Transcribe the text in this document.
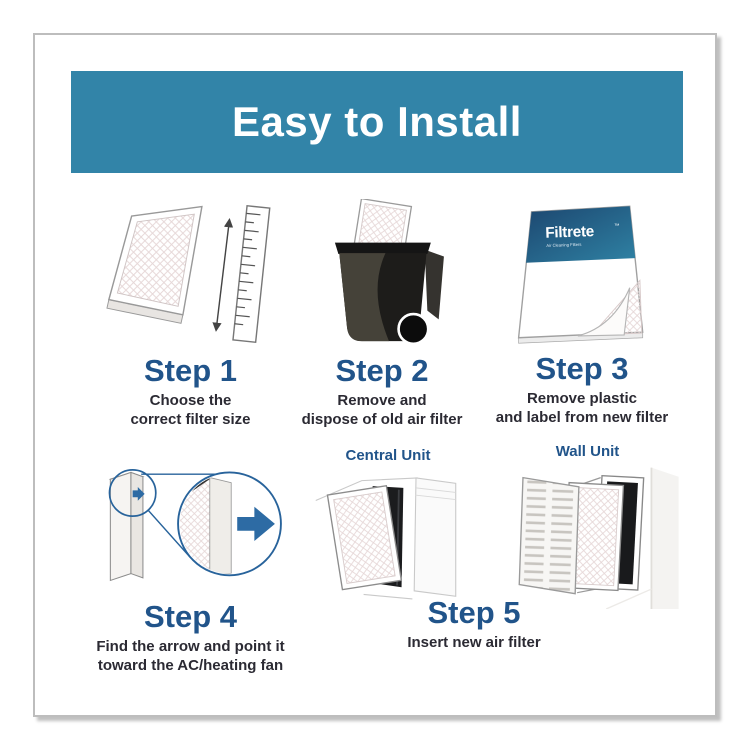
Easy to Install
Step 1
Choose the
correct filter size
Step 2
Remove and
dispose of old air filter
Filtrete	™
Air Cleaning Filters
Step 3
Remove plastic
and label from new filter
Step 4
Find the arrow and point it
toward the AC/heating fan
Central Unit	Wall Unit
Step 5
Insert new air filter
